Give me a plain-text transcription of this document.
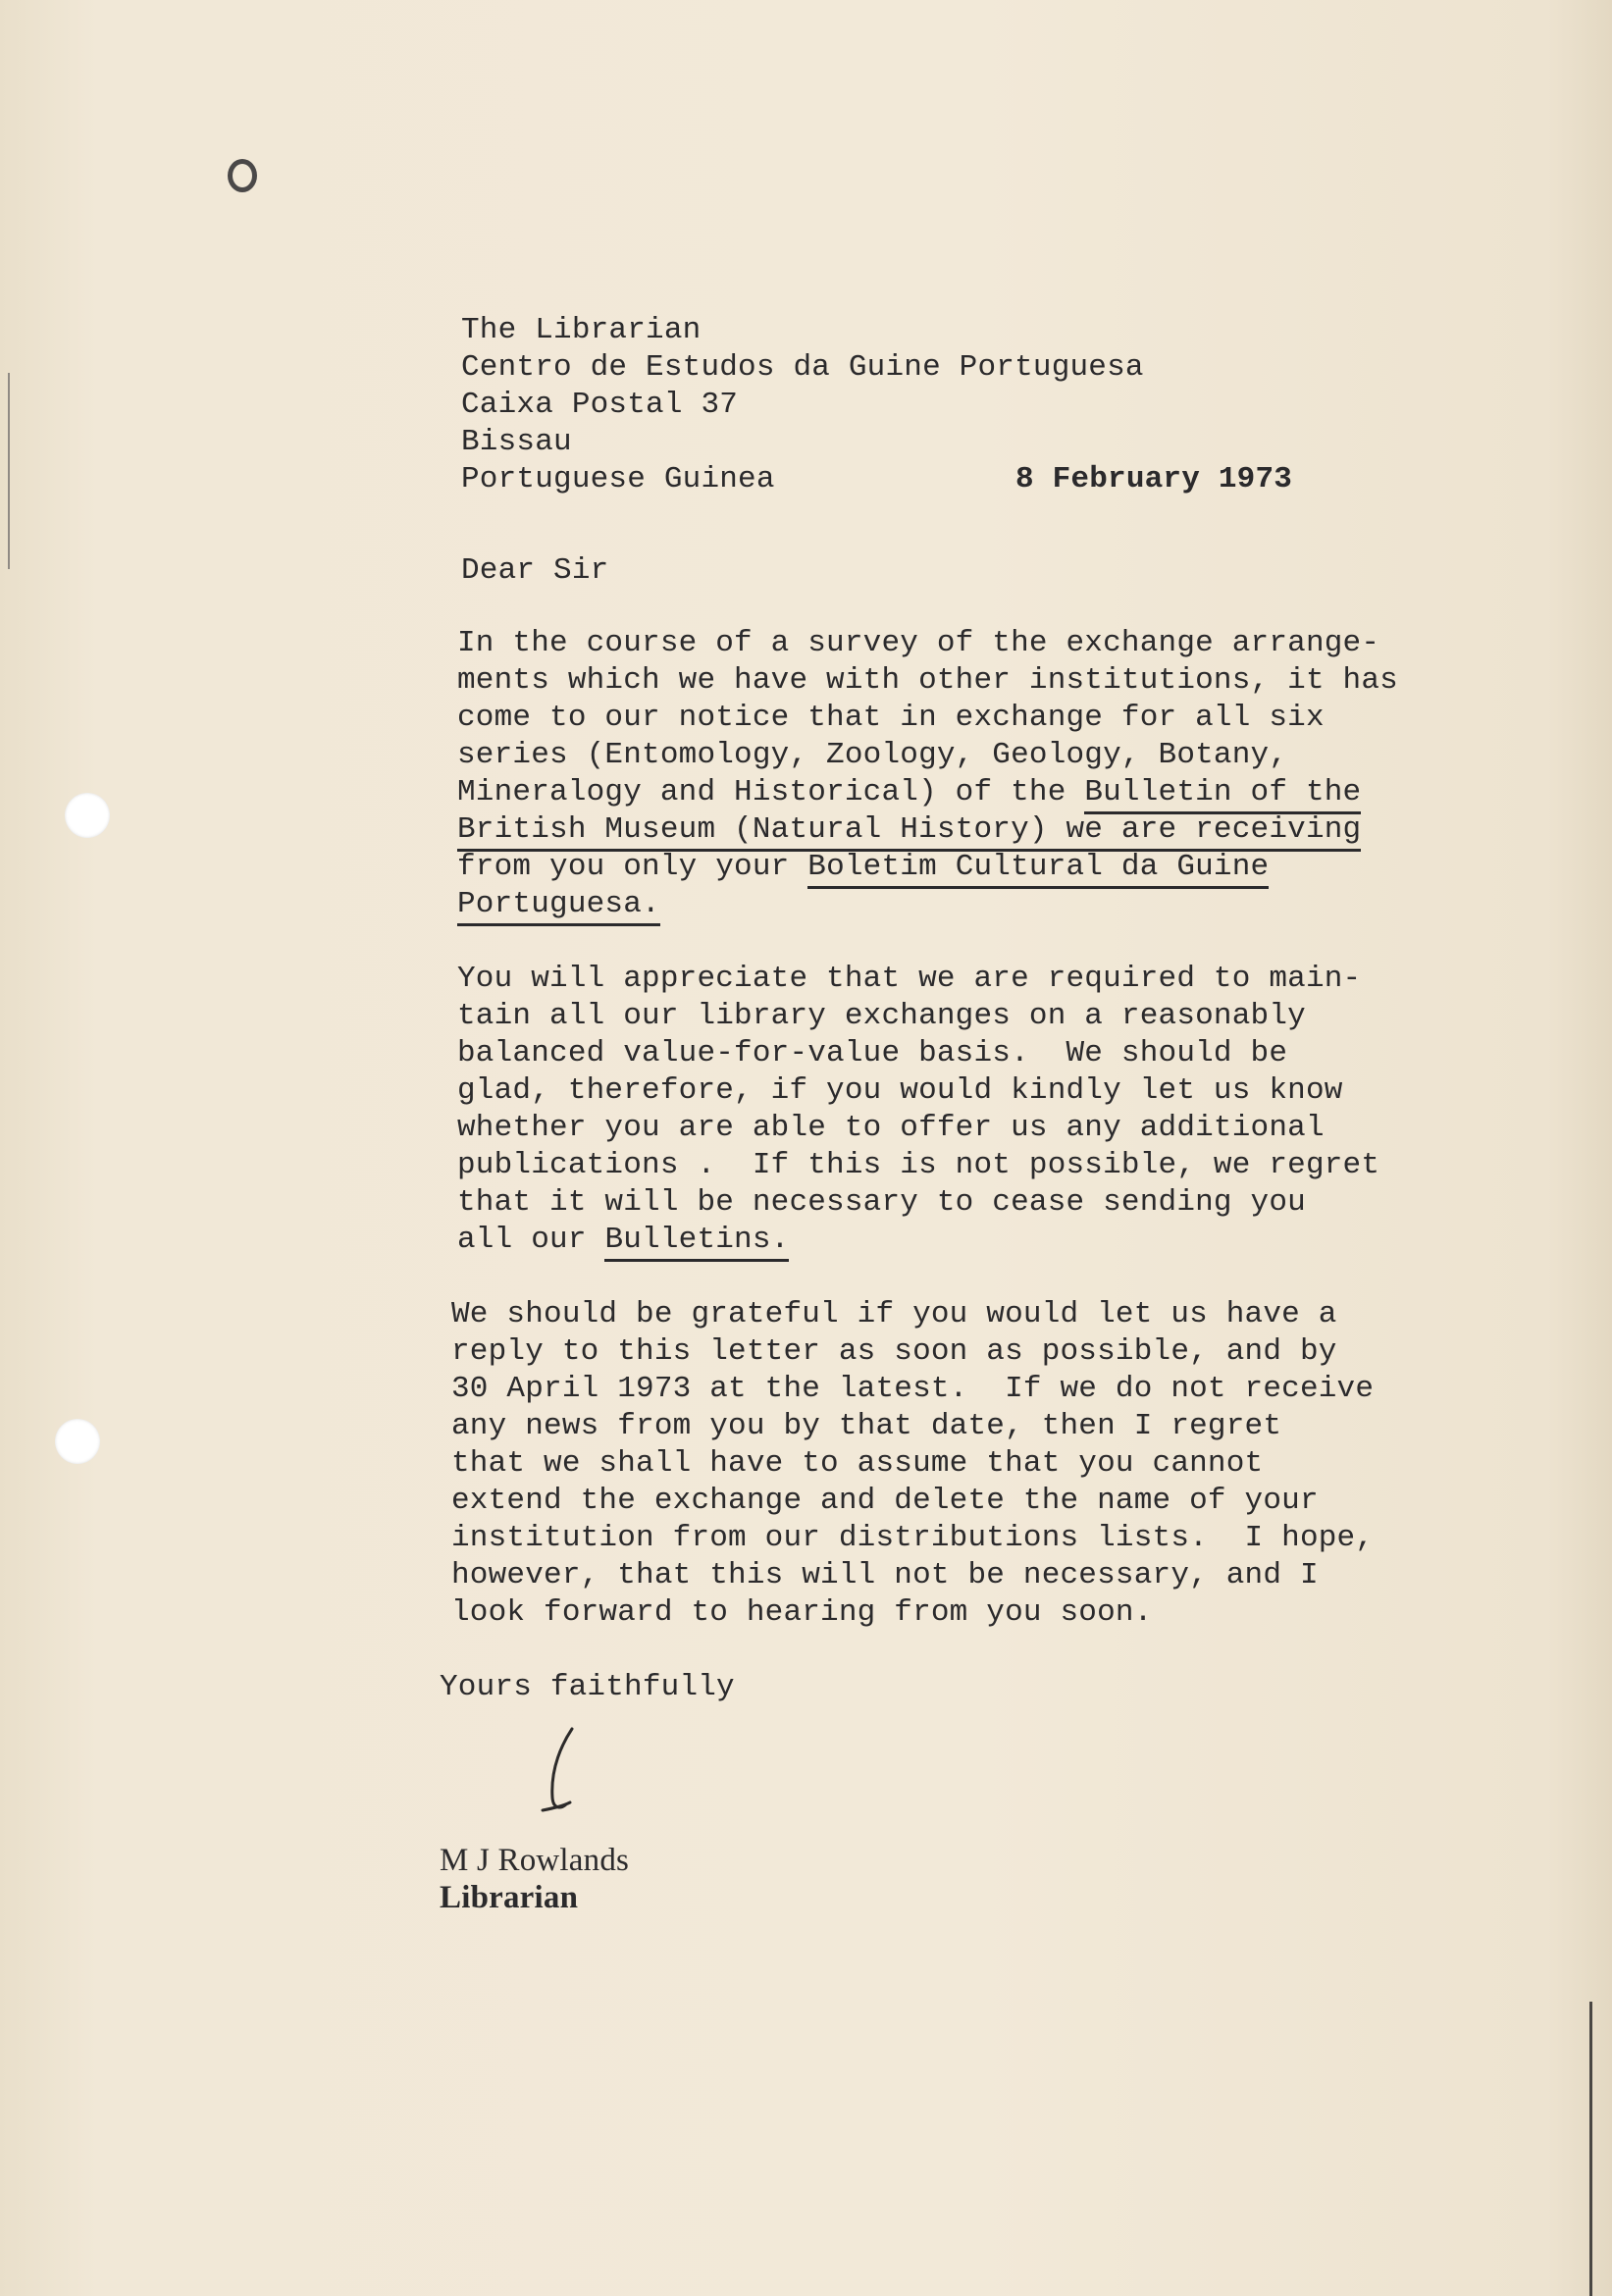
The Librarian
Centro de Estudos da Guine Portuguesa
Caixa Postal 37
Bissau
Portuguese Guinea	8 February 1973
Dear Sir
In the course of a survey of the exchange arrange-
ments which we have with other institutions, it has
come to our notice that in exchange for all six
series (Entomology, Zoology, Geology, Botany,
Mineralogy and Historical) of the Bulletin of the
British Museum (Natural History) we are receiving
from you only your Boletim Cultural da Guine
Portuguesa.
You will appreciate that we are required to main-
tain all our library exchanges on a reasonably
balanced value-for-value basis.  We should be
glad, therefore, if you would kindly let us know
whether you are able to offer us any additional
publications .  If this is not possible, we regret
that it will be necessary to cease sending you
all our Bulletins.
We should be grateful if you would let us have a
reply to this letter as soon as possible, and by
30 April 1973 at the latest.  If we do not receive
any news from you by that date, then I regret
that we shall have to assume that you cannot
extend the exchange and delete the name of your
institution from our distributions lists.  I hope,
however, that this will not be necessary, and I
look forward to hearing from you soon.
Yours faithfully
M J Rowlands
Librarian
